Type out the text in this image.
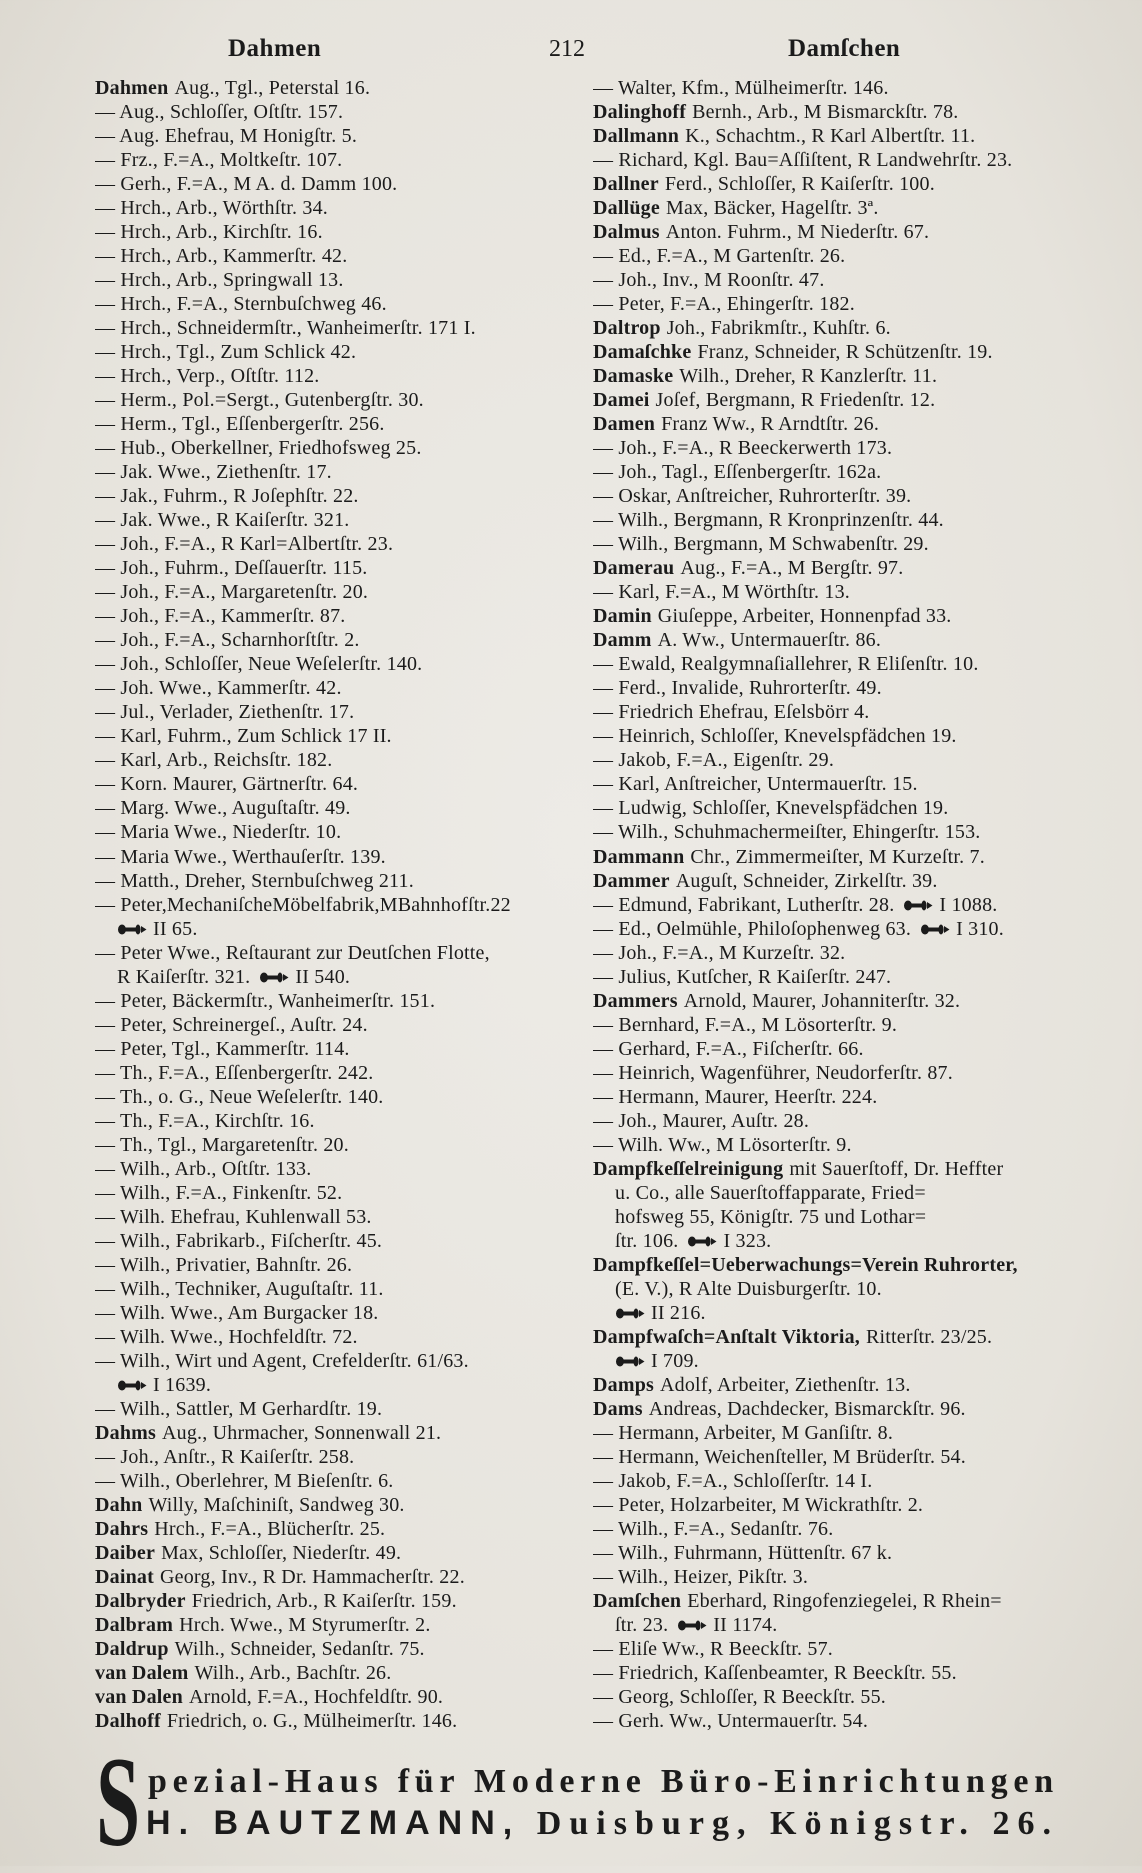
Dahmen	212	Damſchen
Dahmen Aug., Tgl., Peterstal 16.
— Aug., Schloſſer, Oſtſtr. 157.
— Aug. Ehefrau, M Honigſtr. 5.
— Frz., F.=A., Moltkeſtr. 107.
— Gerh., F.=A., M A. d. Damm 100.
— Hrch., Arb., Wörthſtr. 34.
— Hrch., Arb., Kirchſtr. 16.
— Hrch., Arb., Kammerſtr. 42.
— Hrch., Arb., Springwall 13.
— Hrch., F.=A., Sternbuſchweg 46.
— Hrch., Schneidermſtr., Wanheimerſtr. 171 I.
— Hrch., Tgl., Zum Schlick 42.
— Hrch., Verp., Oſtſtr. 112.
— Herm., Pol.=Sergt., Gutenbergſtr. 30.
— Herm., Tgl., Eſſenbergerſtr. 256.
— Hub., Oberkellner, Friedhofsweg 25.
— Jak. Wwe., Ziethenſtr. 17.
— Jak., Fuhrm., R Joſephſtr. 22.
— Jak. Wwe., R Kaiſerſtr. 321.
— Joh., F.=A., R Karl=Albertſtr. 23.
— Joh., Fuhrm., Deſſauerſtr. 115.
— Joh., F.=A., Margaretenſtr. 20.
— Joh., F.=A., Kammerſtr. 87.
— Joh., F.=A., Scharnhorſtſtr. 2.
— Joh., Schloſſer, Neue Weſelerſtr. 140.
— Joh. Wwe., Kammerſtr. 42.
— Jul., Verlader, Ziethenſtr. 17.
— Karl, Fuhrm., Zum Schlick 17 II.
— Karl, Arb., Reichsſtr. 182.
— Korn. Maurer, Gärtnerſtr. 64.
— Marg. Wwe., Auguſtaſtr. 49.
— Maria Wwe., Niederſtr. 10.
— Maria Wwe., Werthauſerſtr. 139.
— Matth., Dreher, Sternbuſchweg 211.
— Peter,MechaniſcheMöbelfabrik,MBahnhofſtr.22
II 65.
— Peter Wwe., Reſtaurant zur Deutſchen Flotte,
R Kaiſerſtr. 321. II 540.
— Peter, Bäckermſtr., Wanheimerſtr. 151.
— Peter, Schreinergeſ., Auſtr. 24.
— Peter, Tgl., Kammerſtr. 114.
— Th., F.=A., Eſſenbergerſtr. 242.
— Th., o. G., Neue Weſelerſtr. 140.
— Th., F.=A., Kirchſtr. 16.
— Th., Tgl., Margaretenſtr. 20.
— Wilh., Arb., Oſtſtr. 133.
— Wilh., F.=A., Finkenſtr. 52.
— Wilh. Ehefrau, Kuhlenwall 53.
— Wilh., Fabrikarb., Fiſcherſtr. 45.
— Wilh., Privatier, Bahnſtr. 26.
— Wilh., Techniker, Auguſtaſtr. 11.
— Wilh. Wwe., Am Burgacker 18.
— Wilh. Wwe., Hochfeldſtr. 72.
— Wilh., Wirt und Agent, Crefelderſtr. 61/63.
I 1639.
— Wilh., Sattler, M Gerhardſtr. 19.
Dahms Aug., Uhrmacher, Sonnenwall 21.
— Joh., Anſtr., R Kaiſerſtr. 258.
— Wilh., Oberlehrer, M Bieſenſtr. 6.
Dahn Willy, Maſchiniſt, Sandweg 30.
Dahrs Hrch., F.=A., Blücherſtr. 25.
Daiber Max, Schloſſer, Niederſtr. 49.
Dainat Georg, Inv., R Dr. Hammacherſtr. 22.
Dalbryder Friedrich, Arb., R Kaiſerſtr. 159.
Dalbram Hrch. Wwe., M Styrumerſtr. 2.
Daldrup Wilh., Schneider, Sedanſtr. 75.
van Dalem Wilh., Arb., Bachſtr. 26.
van Dalen Arnold, F.=A., Hochfeldſtr. 90.
Dalhoff Friedrich, o. G., Mülheimerſtr. 146.
— Walter, Kfm., Mülheimerſtr. 146.
Dalinghoff Bernh., Arb., M Bismarckſtr. 78.
Dallmann K., Schachtm., R Karl Albertſtr. 11.
— Richard, Kgl. Bau=Aſſiſtent, R Landwehrſtr. 23.
Dallner Ferd., Schloſſer, R Kaiſerſtr. 100.
Dallüge Max, Bäcker, Hagelſtr. 3ª.
Dalmus Anton. Fuhrm., M Niederſtr. 67.
— Ed., F.=A., M Gartenſtr. 26.
— Joh., Inv., M Roonſtr. 47.
— Peter, F.=A., Ehingerſtr. 182.
Daltrop Joh., Fabrikmſtr., Kuhſtr. 6.
Damaſchke Franz, Schneider, R Schützenſtr. 19.
Damaske Wilh., Dreher, R Kanzlerſtr. 11.
Damei Joſef, Bergmann, R Friedenſtr. 12.
Damen Franz Ww., R Arndtſtr. 26.
— Joh., F.=A., R Beeckerwerth 173.
— Joh., Tagl., Eſſenbergerſtr. 162a.
— Oskar, Anſtreicher, Ruhrorterſtr. 39.
— Wilh., Bergmann, R Kronprinzenſtr. 44.
— Wilh., Bergmann, M Schwabenſtr. 29.
Damerau Aug., F.=A., M Bergſtr. 97.
— Karl, F.=A., M Wörthſtr. 13.
Damin Giuſeppe, Arbeiter, Honnenpfad 33.
Damm A. Ww., Untermauerſtr. 86.
— Ewald, Realgymnaſiallehrer, R Eliſenſtr. 10.
— Ferd., Invalide, Ruhrorterſtr. 49.
— Friedrich Ehefrau, Eſelsbörr 4.
— Heinrich, Schloſſer, Knevelspfädchen 19.
— Jakob, F.=A., Eigenſtr. 29.
— Karl, Anſtreicher, Untermauerſtr. 15.
— Ludwig, Schloſſer, Knevelspfädchen 19.
— Wilh., Schuhmachermeiſter, Ehingerſtr. 153.
Dammann Chr., Zimmermeiſter, M Kurzeſtr. 7.
Dammer Auguſt, Schneider, Zirkelſtr. 39.
— Edmund, Fabrikant, Lutherſtr. 28. I 1088.
— Ed., Oelmühle, Philoſophenweg 63. I 310.
— Joh., F.=A., M Kurzeſtr. 32.
— Julius, Kutſcher, R Kaiſerſtr. 247.
Dammers Arnold, Maurer, Johanniterſtr. 32.
— Bernhard, F.=A., M Lösorterſtr. 9.
— Gerhard, F.=A., Fiſcherſtr. 66.
— Heinrich, Wagenführer, Neudorferſtr. 87.
— Hermann, Maurer, Heerſtr. 224.
— Joh., Maurer, Auſtr. 28.
— Wilh. Ww., M Lösorterſtr. 9.
Dampfkeſſelreinigung mit Sauerſtoff, Dr. Heffter
u. Co., alle Sauerſtoffapparate, Fried=
hofsweg 55, Königſtr. 75 und Lothar=
ſtr. 106. I 323.
Dampfkeſſel=Ueberwachungs=Verein Ruhrorter,
(E. V.), R Alte Duisburgerſtr. 10.
II 216.
Dampfwaſch=Anſtalt Viktoria, Ritterſtr. 23/25.
I 709.
Damps Adolf, Arbeiter, Ziethenſtr. 13.
Dams Andreas, Dachdecker, Bismarckſtr. 96.
— Hermann, Arbeiter, M Ganſiſtr. 8.
— Hermann, Weichenſteller, M Brüderſtr. 54.
— Jakob, F.=A., Schloſſerſtr. 14 I.
— Peter, Holzarbeiter, M Wickrathſtr. 2.
— Wilh., F.=A., Sedanſtr. 76.
— Wilh., Fuhrmann, Hüttenſtr. 67 k.
— Wilh., Heizer, Pikſtr. 3.
Damſchen Eberhard, Ringofenziegelei, R Rhein=
ſtr. 23. II 1174.
— Eliſe Ww., R Beeckſtr. 57.
— Friedrich, Kaſſenbeamter, R Beeckſtr. 55.
— Georg, Schloſſer, R Beeckſtr. 55.
— Gerh. Ww., Untermauerſtr. 54.
S pezial-Haus für Moderne Büro-Einrichtungen
H. BAUTZMANN, Duisburg, Königstr. 26.
